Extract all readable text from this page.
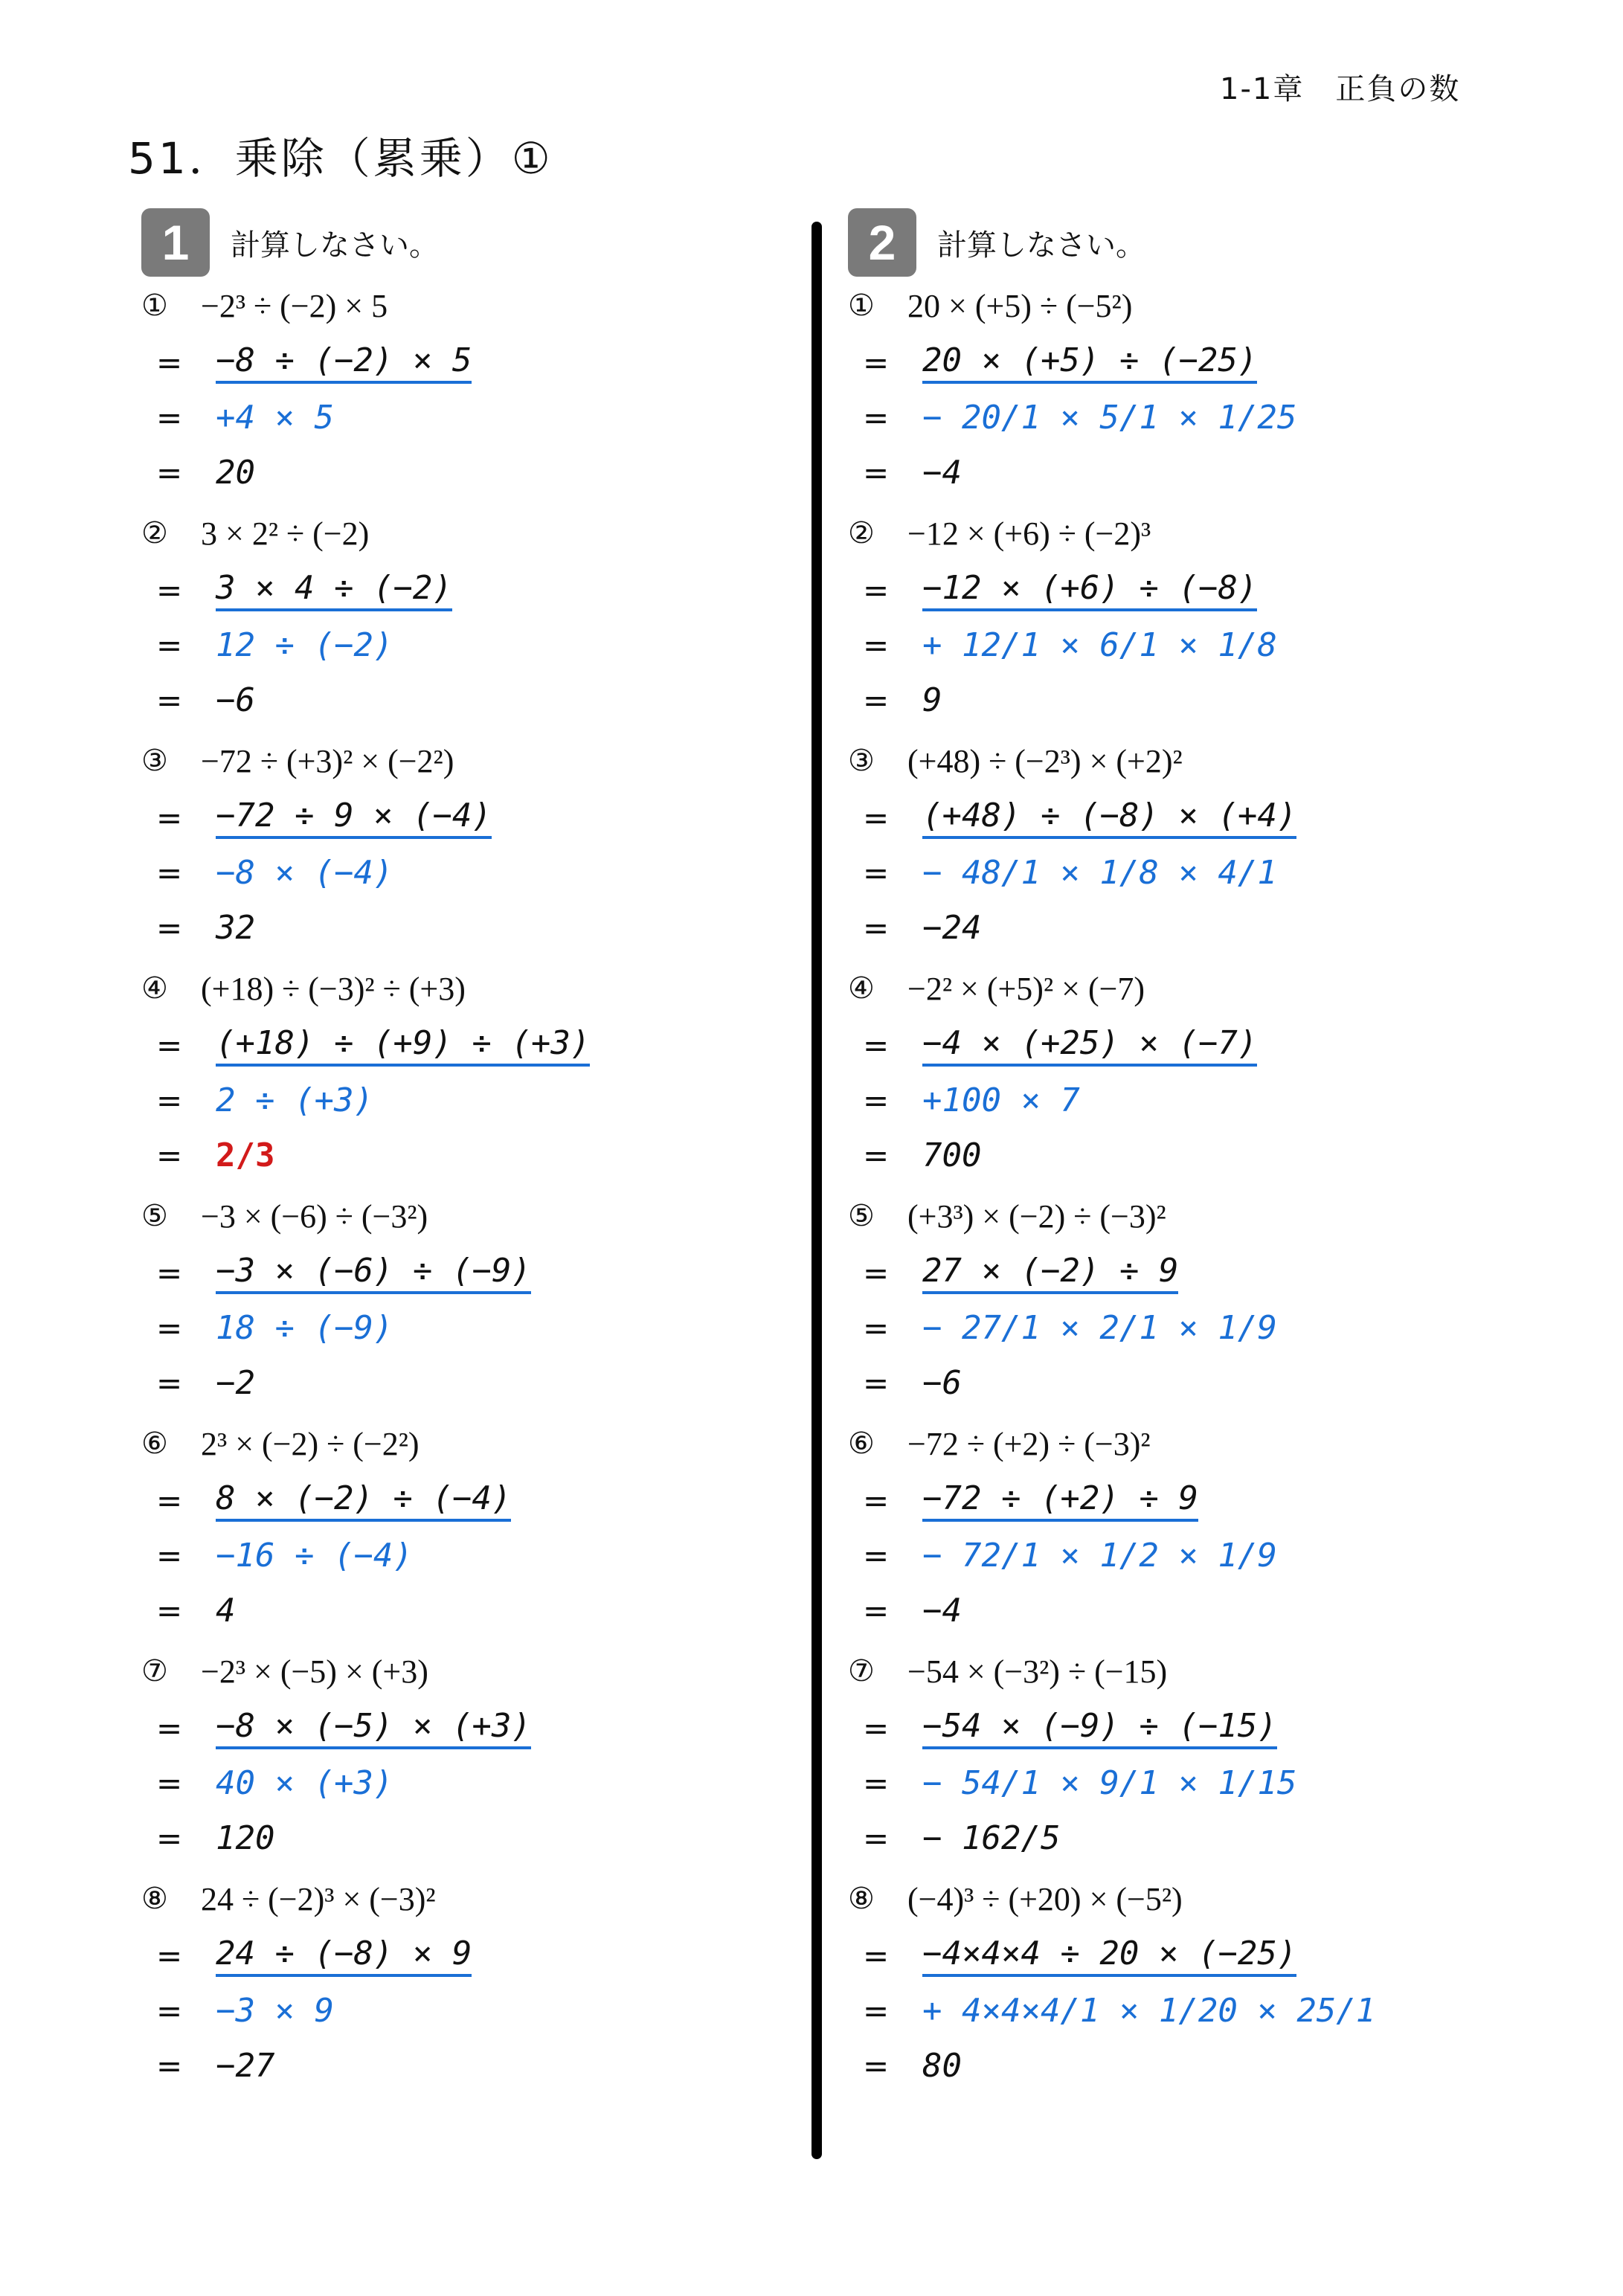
1-1章　正負の数
51．乗除（累乗）①
1	計算しなさい。
①	−2³ ÷ (−2) × 5
=	−8 ÷ (−2) × 5
=	+4 × 5
=	20
②	3 × 2² ÷ (−2)
=	3 × 4 ÷ (−2)
=	12 ÷ (−2)
=	−6
③	−72 ÷ (+3)² × (−2²)
=	−72 ÷ 9 × (−4)
=	−8 × (−4)
=	32
④	(+18) ÷ (−3)² ÷ (+3)
=	(+18) ÷ (+9) ÷ (+3)
=	2 ÷ (+3)
=	2/3
⑤	−3 × (−6) ÷ (−3²)
=	−3 × (−6) ÷ (−9)
=	18 ÷ (−9)
=	−2
⑥	2³ × (−2) ÷ (−2²)
=	8 × (−2) ÷ (−4)
=	−16 ÷ (−4)
=	4
⑦	−2³ × (−5) × (+3)
=	−8 × (−5) × (+3)
=	40 × (+3)
=	120
⑧	24 ÷ (−2)³ × (−3)²
=	24 ÷ (−8) × 9
=	−3 × 9
=	−27
2	計算しなさい。
①	20 × (+5) ÷ (−5²)
=	20 × (+5) ÷ (−25)
=	− 20/1 × 5/1 × 1/25
=	−4
②	−12 × (+6) ÷ (−2)³
=	−12 × (+6) ÷ (−8)
=	+ 12/1 × 6/1 × 1/8
=	9
③	(+48) ÷ (−2³) × (+2)²
=	(+48) ÷ (−8) × (+4)
=	− 48/1 × 1/8 × 4/1
=	−24
④	−2² × (+5)² × (−7)
=	−4 × (+25) × (−7)
=	+100 × 7
=	700
⑤	(+3³) × (−2) ÷ (−3)²
=	27 × (−2) ÷ 9
=	− 27/1 × 2/1 × 1/9
=	−6
⑥	−72 ÷ (+2) ÷ (−3)²
=	−72 ÷ (+2) ÷ 9
=	− 72/1 × 1/2 × 1/9
=	−4
⑦	−54 × (−3²) ÷ (−15)
=	−54 × (−9) ÷ (−15)
=	− 54/1 × 9/1 × 1/15
=	− 162/5
⑧	(−4)³ ÷ (+20) × (−5²)
=	−4×4×4 ÷ 20 × (−25)
=	+ 4×4×4/1 × 1/20 × 25/1
=	80
